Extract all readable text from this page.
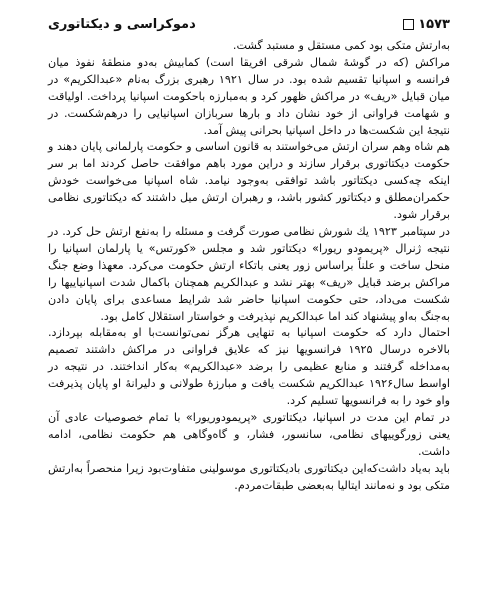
۱۵۷۳
دموکراسی و دیکتاتوری

به‌ارتش متکی بود کمی مستقل و مستبد گشت.

مراکش (که در گوشهٔ شمال شرقی افریقا است) کمابیش به‌دو منطقهٔ نفوذ میان فرانسه و اسپانیا تقسیم شده بود. در سال ۱۹۲۱ رهبری بزرگ به‌نام «عبدالکریم» در میان قبایل «ریف» در مراکش ظهور کرد و به‌مبارزه باحکومت اسپانیا پرداخت. اولیاقت و شهامت فراوانی از خود نشان داد و بارها سربازان اسپانیایی را درهم‌شکست. در نتیجهٔ این شکست‌ها در داخل اسپانیا بحرانی پیش آمد.

هم شاه وهم سران ارتش می‌خواستند به قانون اساسی و حکومت پارلمانی پایان دهند و حکومت دیکتاتوری برقرار سازند و دراین مورد باهم موافقت حاصل کردند اما بر سر اینکه چه‌کسی دیکتاتور باشد توافقی به‌وجود نیامد. شاه اسپانیا می‌خواست خودش حکمران‌مطلق و دیکتاتور کشور باشد، و رهبران ارتش میل داشتند که دیکتاتوری نظامی برقرار شود.

در سپتامبر ۱۹۲۳ یك شورش نظامی صورت گرفت و مسئله را به‌نفع ارتش حل کرد. در نتیجه ژنرال «پریمودو ریورا» دیکتاتور شد و مجلس «کورتس» یا پارلمان اسپانیا را منحل ساخت و علناً براساس زور یعنی باتکاء ارتش حکومت می‌کرد. معهذا وضع جنگ مراکش برضد قبایل «ریف» بهتر نشد و عبدالکریم همچنان باکمال شدت اسپانیاییها را شکست می‌داد، حتی حکومت اسپانیا حاضر شد شرایط مساعدی برای پایان دادن به‌جنگ به‌او پیشنهاد کند اما عبدالکریم نپذیرفت و خواستار استقلال کامل بود.

احتمال دارد که حکومت اسپانیا به تنهایی هرگز نمی‌توانست‌با او به‌مقابله بپردازد. بالاخره درسال ۱۹۲۵ فرانسویها نیز که علایق فراوانی در مراکش داشتند تصمیم به‌مداخله گرفتند و منابع عظیمی را برضد «عبدالکریم» به‌کار انداختند. در نتیجه در اواسط سال‌۱۹۲۶ عبدالکریم شکست یافت و مبارزهٔ طولانی و دلیرانهٔ او پایان پذیرفت واو خود را به فرانسویها تسلیم کرد.

در تمام این مدت در اسپانیا، دیکتاتوری «پریمودوریورا» با تمام خصوصیات عادی آن یعنی زورگوییهای نظامی، سانسور، فشار، و گاه‌وگاهی هم حکومت نظامی، ادامه داشت.

باید به‌یاد داشت‌که‌این دیکتاتوری بادیکتاتوری موسولینی متفاوت‌بود زیرا منحصراً به‌ارتش متکی بود و نه‌مانند ایتالیا به‌بعضی طبقات‌مردم.
